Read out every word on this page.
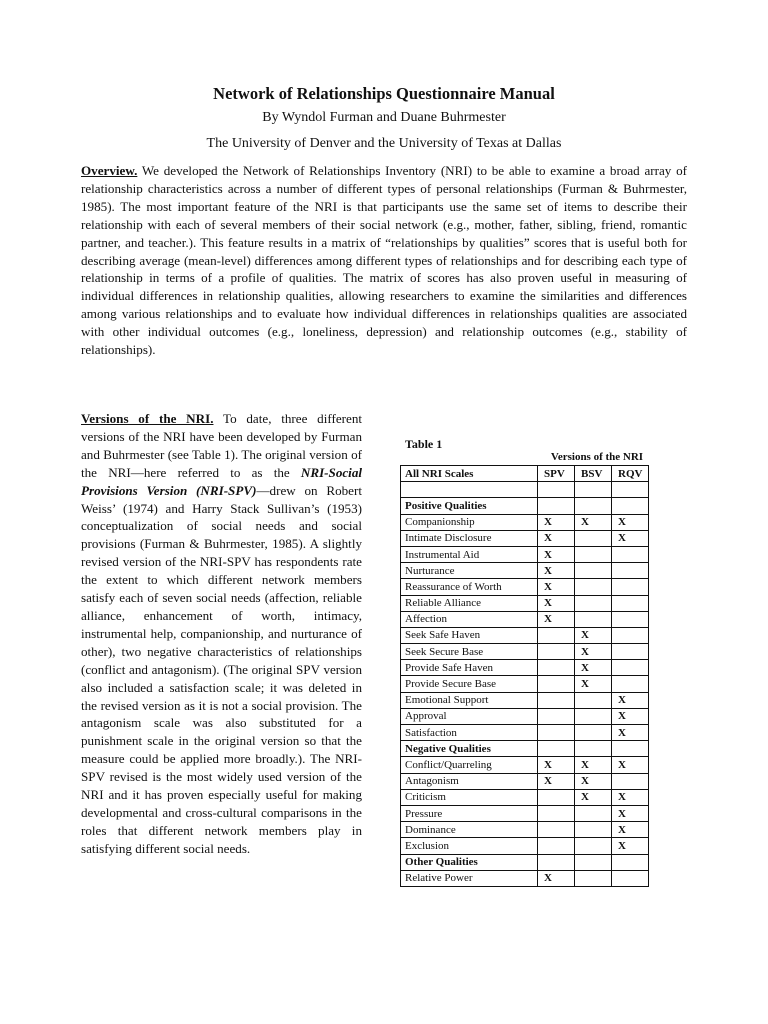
Network of Relationships Questionnaire Manual
By Wyndol Furman and Duane Buhrmester
The University of Denver and the University of Texas at Dallas
Overview. We developed the Network of Relationships Inventory (NRI) to be able to examine a broad array of relationship characteristics across a number of different types of personal relationships (Furman & Buhrmester, 1985). The most important feature of the NRI is that participants use the same set of items to describe their relationship with each of several members of their social network (e.g., mother, father, sibling, friend, romantic partner, and teacher.). This feature results in a matrix of “relationships by qualities” scores that is useful both for describing average (mean-level) differences among different types of relationships and for describing each type of relationship in terms of a profile of qualities. The matrix of scores has also proven useful in measuring of individual differences in relationship qualities, allowing researchers to examine the similarities and differences among various relationships and to evaluate how individual differences in relationships qualities are associated with other individual outcomes (e.g., loneliness, depression) and relationship outcomes (e.g., stability of relationships).
Versions of the NRI. To date, three different versions of the NRI have been developed by Furman and Buhrmester (see Table 1). The original version of the NRI—here referred to as the NRI-Social Provisions Version (NRI-SPV)—drew on Robert Weiss’ (1974) and Harry Stack Sullivan’s (1953) conceptualization of social needs and social provisions (Furman & Buhrmester, 1985). A slightly revised version of the NRI-SPV has respondents rate the extent to which different network members satisfy each of seven social needs (affection, reliable alliance, enhancement of worth, intimacy, instrumental help, companionship, and nurturance of other), two negative characteristics of relationships (conflict and antagonism). (The original SPV version also included a satisfaction scale; it was deleted in the revised version as it is not a social provision. The antagonism scale was also substituted for a punishment scale in the original version so that the measure could be applied more broadly.). The NRI-SPV revised is the most widely used version of the NRI and it has proven especially useful for making developmental and cross-cultural comparisons in the roles that different network members play in satisfying different social needs.
Table 1
Versions of the NRI
All NRI Scales	SPV	BSV	RQV

Positive Qualities			
Companionship	X	X	X
Intimate Disclosure	X		X
Instrumental Aid	X		
Nurturance	X		
Reassurance of Worth	X		
Reliable Alliance	X		
Affection	X		
Seek Safe Haven		X	
Seek Secure Base		X	
Provide Safe Haven		X	
Provide Secure Base		X	
Emotional Support			X
Approval			X
Satisfaction			X
Negative Qualities			
Conflict/Quarreling	X	X	X
Antagonism	X	X	
Criticism		X	X
Pressure			X
Dominance			X
Exclusion			X
Other Qualities			
Relative Power	X		
